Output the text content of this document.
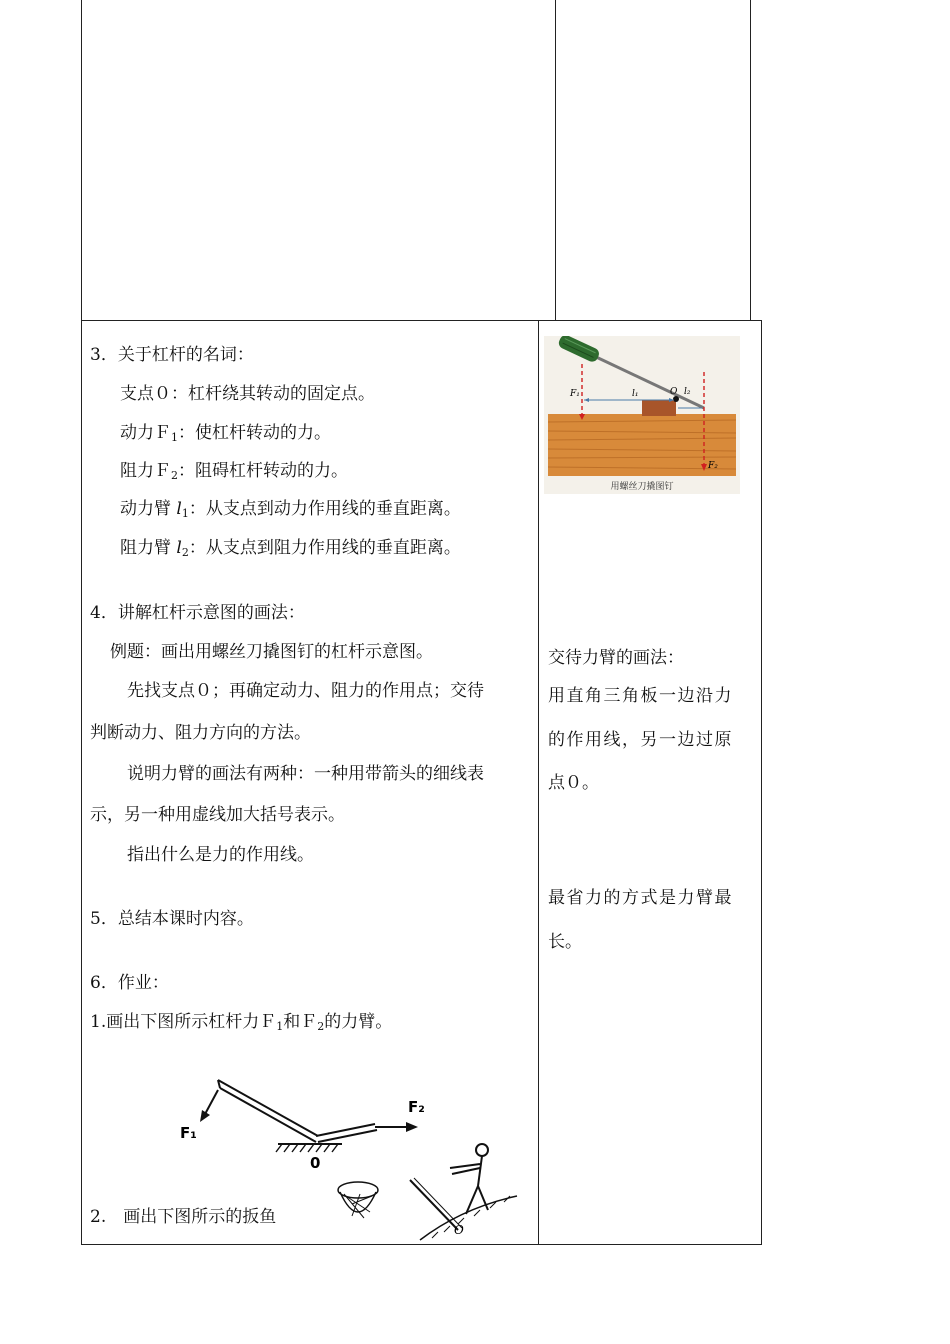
3．关于杠杆的名词：
支点０：杠杆绕其转动的固定点。
动力Ｆ$_1$：使杠杆转动的力。
阻力Ｆ$_2$：阻碍杠杆转动的力。
动力臂 $l_1$：从支点到动力作用线的垂直距离。
阻力臂 $l_2$：从支点到阻力作用线的垂直距离。
4．讲解杠杆示意图的画法：
例题：画出用螺丝刀撬图钉的杠杆示意图。
先找支点０；再确定动力、阻力的作用点；交待
判断动力、阻力方向的方法。
说明力臂的画法有两种：一种用带箭头的细线表
示，另一种用虚线加大括号表示。
指出什么是力的作用线。
5．总结本课时内容。
6．作业：
1.画出下图所示杠杆力Ｆ$_1$和Ｆ$_2$的力臂。
2.　画出下图所示的扳鱼
交待力臂的画法：
用直角三角板一边沿力
的作用线，另一边过原
点０。
最省力的方式是力臂最
长。
F₁	l₁	O l₂
F₂
用螺丝刀撬图钉
F₁
F₂
0
O
